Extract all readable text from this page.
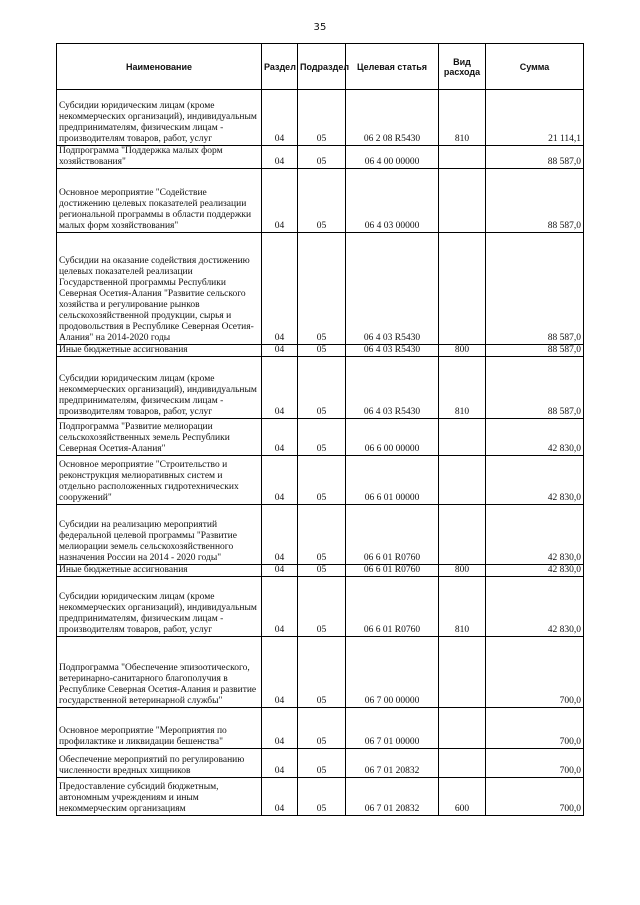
35
Наименование	Раздел	Подраздел	Целевая статья	Вид расхода	Сумма
Субсидии юридическим лицам (кроме некоммерческих организаций), индивидуальным предпринимателям, физическим лицам - производителям товаров, работ, услуг	04	05	06 2 08 R5430	810	21 114,1
Подпрограмма "Поддержка малых форм хозяйствования"	04	05	06 4 00 00000		88 587,0
Основное мероприятие "Содействие достижению целевых показателей реализации региональной программы в области поддержки малых форм хозяйствования"	04	05	06 4 03 00000		88 587,0
Субсидии на оказание содействия достижению целевых показателей реализации Государственной программы Республики Северная Осетия-Алания "Развитие сельского хозяйства и регулирование рынков сельскохозяйственной продукции, сырья и продовольствия в Республике Северная Осетия-Алания" на 2014-2020 годы	04	05	06 4 03 R5430		88 587,0
Иные бюджетные ассигнования	04	05	06 4 03 R5430	800	88 587,0
Субсидии юридическим лицам (кроме некоммерческих организаций), индивидуальным предпринимателям, физическим лицам - производителям товаров, работ, услуг	04	05	06 4 03 R5430	810	88 587,0
Подпрограмма "Развитие мелиорации сельскохозяйственных земель Республики Северная Осетия-Алания"	04	05	06 6 00 00000		42 830,0
Основное мероприятие "Строительство и реконструкция мелиоративных систем и отдельно расположенных гидротехнических сооружений"	04	05	06 6 01 00000		42 830,0
Субсидии на реализацию мероприятий федеральной целевой программы "Развитие мелиорации земель сельскохозяйственного назначения России на 2014 - 2020 годы"	04	05	06 6 01 R0760		42 830,0
Иные бюджетные ассигнования	04	05	06 6 01 R0760	800	42 830,0
Субсидии юридическим лицам (кроме некоммерческих организаций), индивидуальным предпринимателям, физическим лицам - производителям товаров, работ, услуг	04	05	06 6 01 R0760	810	42 830,0
Подпрограмма "Обеспечение эпизоотического, ветеринарно-санитарного благополучия в Республике Северная Осетия-Алания и развитие государственной ветеринарной службы"	04	05	06 7 00 00000		700,0
Основное мероприятие "Мероприятия по профилактике и ликвидации бешенства"	04	05	06 7 01 00000		700,0
Обеспечение мероприятий по регулированию численности вредных хищников	04	05	06 7 01 20832		700,0
Предоставление субсидий бюджетным, автономным учреждениям и иным некоммерческим организациям	04	05	06 7 01 20832	600	700,0
